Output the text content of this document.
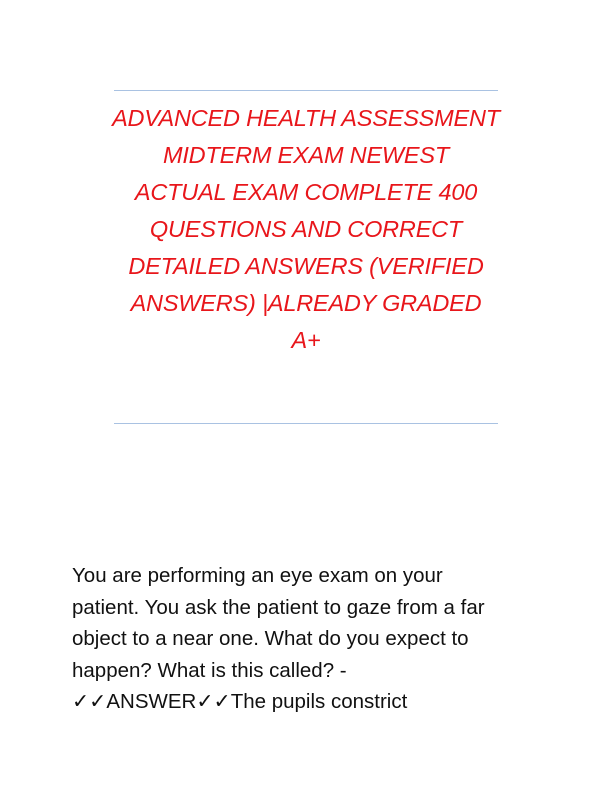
ADVANCED HEALTH ASSESSMENT
MIDTERM EXAM NEWEST
ACTUAL EXAM COMPLETE 400
QUESTIONS AND CORRECT
DETAILED ANSWERS (VERIFIED
ANSWERS) |ALREADY GRADED
A+
You are performing an eye exam on your
patient. You ask the patient to gaze from a far
object to a near one. What do you expect to
happen? What is this called? -
✓✓ANSWER✓✓The pupils constrict
